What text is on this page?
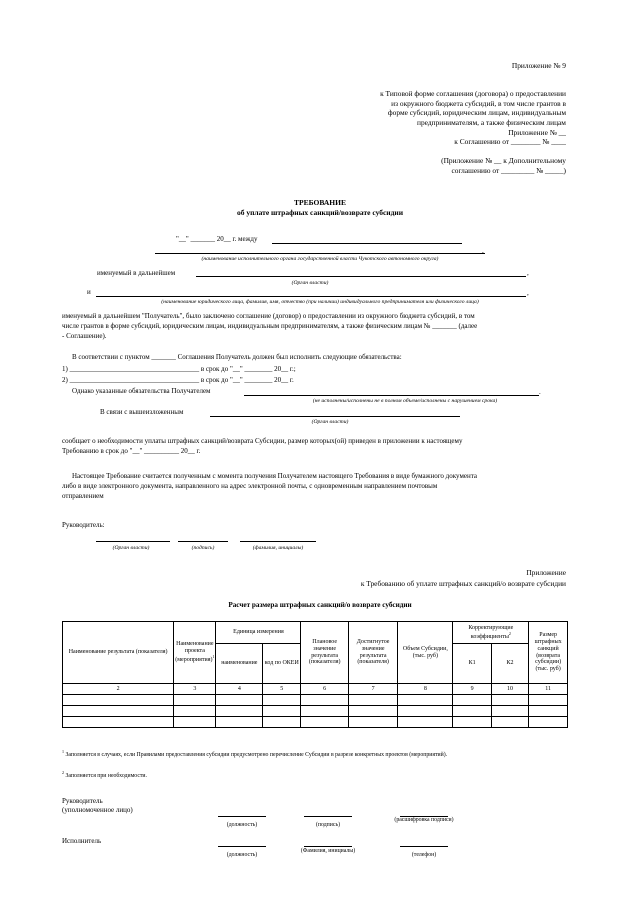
Приложение № 9
к Типовой форме соглашения (договора) о предоставлении
из окружного бюджета субсидий, в том числе грантов в
форме субсидий, юридическим лицам, индивидуальным
предпринимателям, а также физическим лицам
Приложение № __
к Соглашению от ________ № ____
(Приложение № __ к Дополнительному
соглашению от _________ № _____)
ТРЕБОВАНИЕ
об уплате штрафных санкций/возврате субсидии
"__" _______ 20__ г. между
,
(наименование исполнительного органа государственной власти Чукотского автономного округа)
именуемый в дальнейшем	,
(Орган власти)
и	,
(наименование юридического лица, фамилия, имя, отчество (при наличии) индивидуального предпринимателя или физического лица)
именуемый в дальнейшем "Получатель", было заключено соглашение (договор) о предоставлении из окружного бюджета субсидий, в том
числе грантов в форме субсидий, юридическим лицам, индивидуальным предпринимателям, а также физическим лицам № _______ (далее
- Соглашение).
В соответствии с пунктом _______ Соглашения Получатель должен был исполнить следующие обязательства:
1) _____________________________________ в срок до "__" ________ 20__ г.;
2) _____________________________________ в срок до "__" ________ 20__ г.
Однако указанные обязательства Получателем	.
(не исполнены/исполнены не в полном объеме/исполнены с нарушением срока)
В связи с вышеизложенным
(Орган власти)
сообщает о необходимости уплаты штрафных санкций/возврата Субсидии, размер которых(ой) приведен в приложении к настоящему
Требованию в срок до "__" __________ 20__ г.
Настоящее Требование считается полученным с момента получения Получателем настоящего Требования в виде бумажного документа
либо в виде электронного документа, направленного на адрес электронной почты, с одновременным направлением почтовым
отправлением
Руководитель:
(Орган власти)	(подпись)	(фамилия, инициалы)
Приложение
к Требованию об уплате штрафных санкций/о возврате субсидии
Расчет размера штрафных санкций/о возврате субсидии
Наименование результата (показателя)	Наименование проекта (мероприятия)$^1$	Единица измерения		Плановое значение результата (показателя)	Достигнутое значение результата (показателя)	Объем Субсидии, (тыс. руб)	Корректирующие коэффициенты$^2$		Размер штрафных санкций (возврата субсидии) (тыс. руб)
		наименование	код по ОКЕИ				К1	К2	
2	3	4	5	6	7	8	9	10	11

$^1$ Заполняется в случаях, если Правилами предоставления субсидии предусмотрено перечисление Субсидии в разрезе конкретных проектов (мероприятий).
$^2$ Заполняется при необходимости.
Руководитель
(уполномоченное лицо)
(должность)	(подпись)
(расшифровка подписи)
Исполнитель
(должность)
(Фамилия, инициалы)
(телефон)
